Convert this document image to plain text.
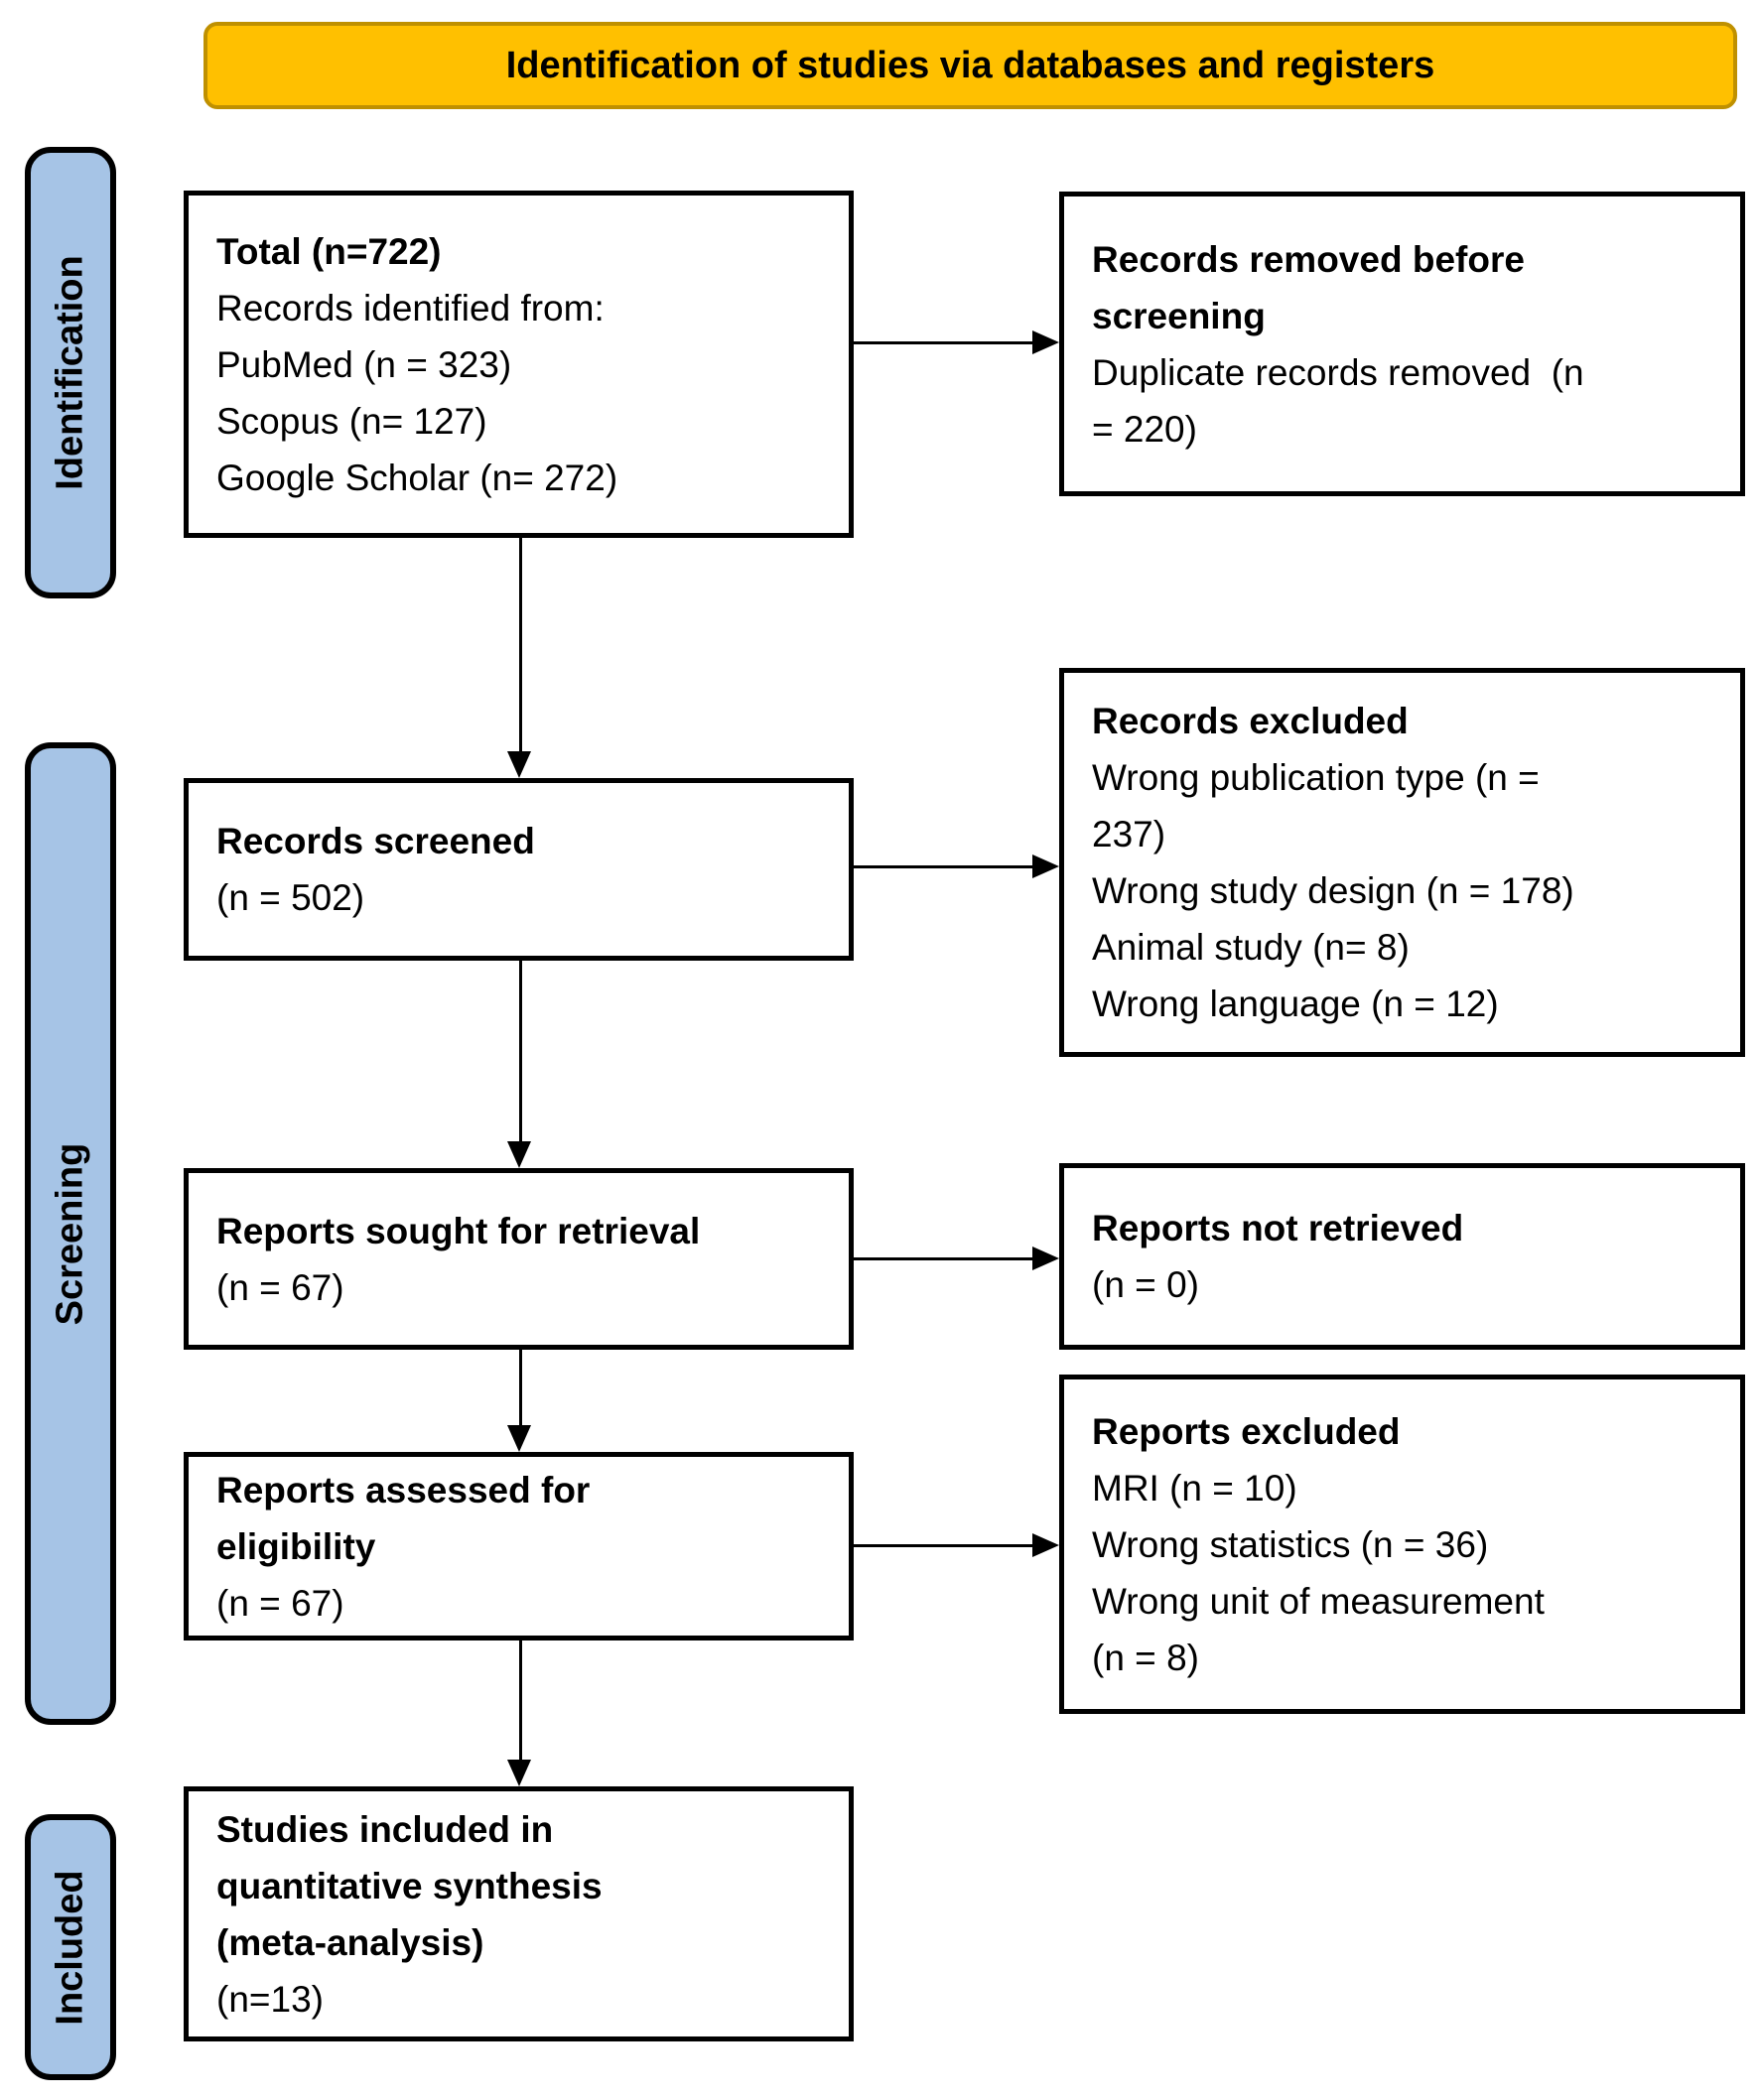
Identification of studies via databases and registers
Identification
Screening
Included
Total (n=722)
Records identified from:
PubMed (n = 323)
Scopus (n= 127)
Google Scholar (n= 272)
Records removed before
screening
Duplicate records removed  (n
= 220)
Records screened
(n = 502)
Records excluded
Wrong publication type (n =
237)
Wrong study design (n = 178)
Animal study (n= 8)
Wrong language (n = 12)
Reports sought for retrieval
(n = 67)
Reports not retrieved
(n = 0)
Reports assessed for
eligibility
(n = 67)
Reports excluded
MRI (n = 10)
Wrong statistics (n = 36)
Wrong unit of measurement
(n = 8)
Studies included in
quantitative synthesis
(meta-analysis)
(n=13)
